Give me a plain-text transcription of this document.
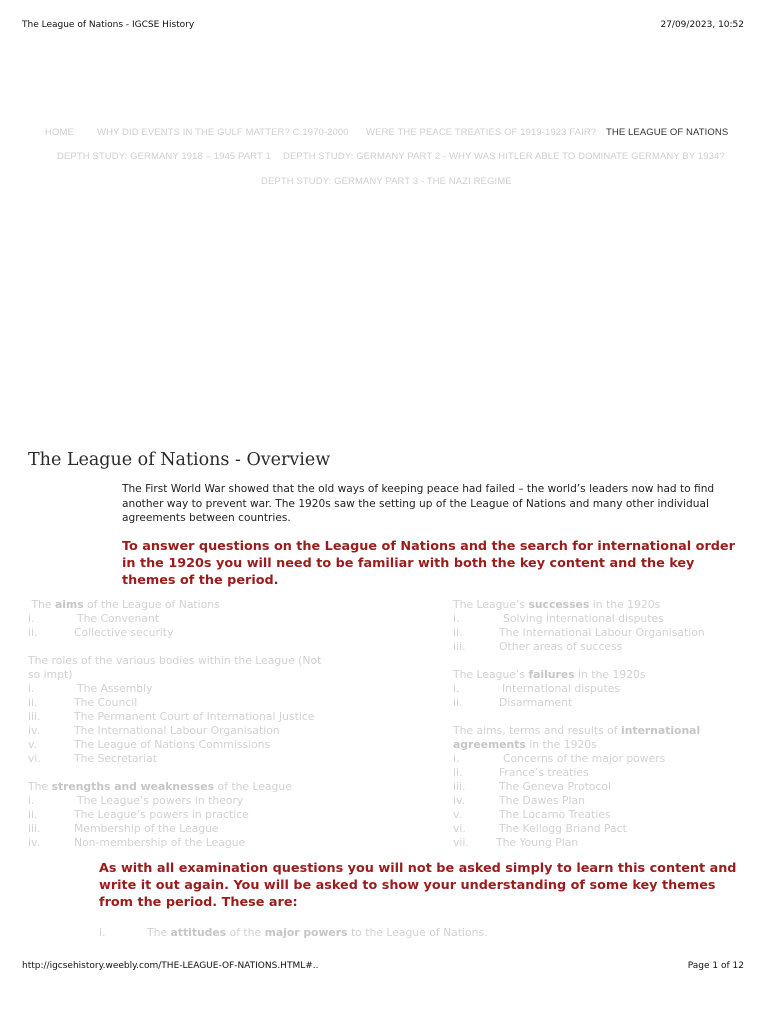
The League of Nations - IGCSE History	27/09/2023, 10:52
HOME WHY DID EVENTS IN THE GULF MATTER? C.1970-2000 WERE THE PEACE TREATIES OF 1919-1923 FAIR? THE LEAGUE OF NATIONS
DEPTH STUDY: GERMANY 1918 – 1945 PART 1 DEPTH STUDY: GERMANY PART 2 - WHY WAS HITLER ABLE TO DOMINATE GERMANY BY 1934?
DEPTH STUDY: GERMANY PART 3 - THE NAZI REGIME
The League of Nations - Overview
The First World War showed that the old ways of keeping peace had failed – the world’s leaders now had to find another way to prevent war. The 1920s saw the setting up of the League of Nations and many other individual agreements between countries.
To answer questions on the League of Nations and the search for international order in the 1920s you will need to be familiar with both the key content and the key themes of the period.
The aims of the League of Nations
i.	The Convenant
ii.	Collective security
The roles of the various bodies within the League (Not so impt)
i.	The Assembly
ii.	The Council
iii.	The Permanent Court of International Justice
iv.	The International Labour Organisation
v.	The League of Nations Commissions
vi.	The Secretariat
The strengths and weaknesses of the League
i.	The League’s powers in theory
ii.	The League’s powers in practice
iii.	Membership of the League
iv.	Non-membership of the League
The League’s successes in the 1920s
i.	Solving international disputes
ii.	The International Labour Organisation
iii.	Other areas of success
The League’s failures in the 1920s
i.	International disputes
ii.	Disarmament
The aims, terms and results of international agreements in the 1920s
i.	Concerns of the major powers
ii.	France’s treaties
iii.	The Geneva Protocol
iv.	The Dawes Plan
v.	The Locarno Treaties
vi.	The Kellogg Briand Pact
vii.	The Young Plan
As with all examination questions you will not be asked simply to learn this content and write it out again. You will be asked to show your understanding of some key themes from the period. These are:
i.	The attitudes of the major powers to the League of Nations.
http://igcsehistory.weebly.com/THE-LEAGUE-OF-NATIONS.HTML#..	Page 1 of 12
